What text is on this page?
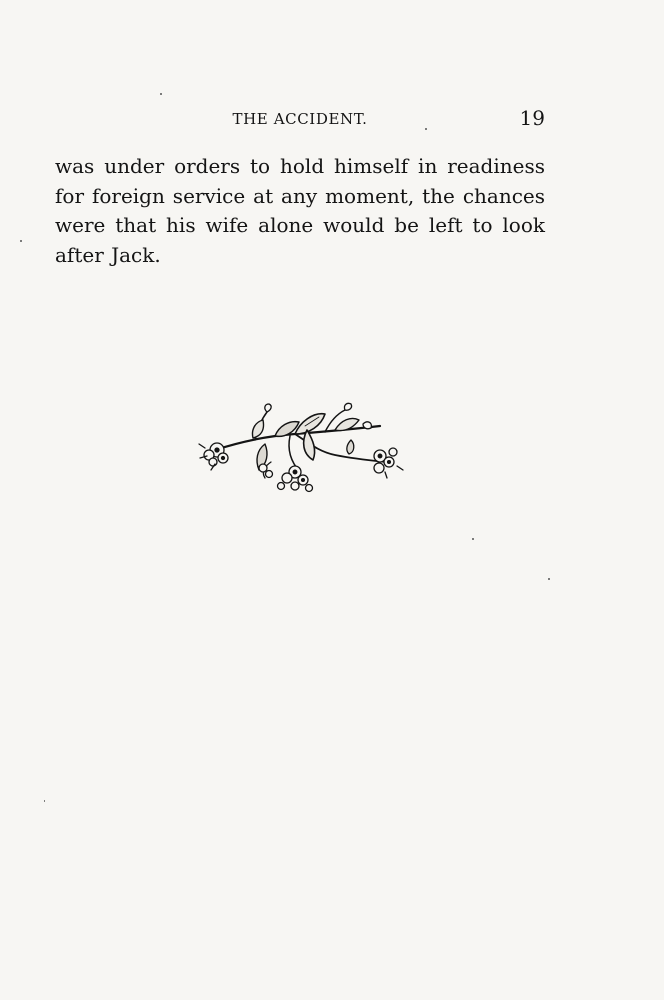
THE ACCIDENT.	19

was under orders to hold himself in readiness
for foreign service at any moment, the chances
were that his wife alone would be left to look
after Jack.
